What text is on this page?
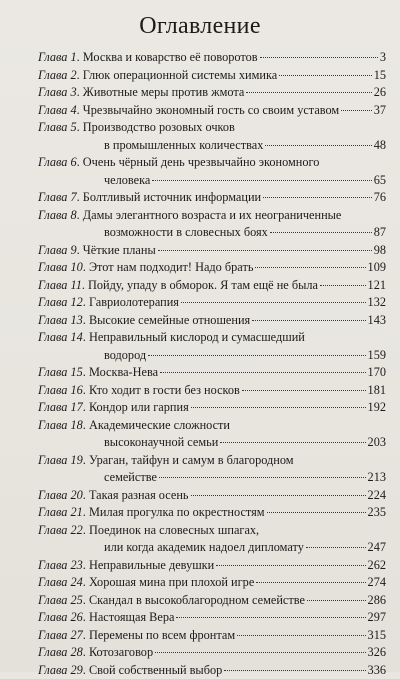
Оглавление
Глава 1 . Москва и коварство её поворотов	3
Глава 2 . Глюк операционной системы химика	15
Глава 3 . Животные меры против жмота	26
Глава 4 . Чрезвычайно экономный гость со своим уставом	37
Глава 5 . Производство розовых очков
в промышленных количествах	48
Глава 6 . Очень чёрный день чрезвычайно экономного
человека	65
Глава 7 . Болтливый источник информации	76
Глава 8 . Дамы элегантного возраста и их неограниченные
возможности в словесных боях	87
Глава 9 . Чёткие планы	98
Глава 10 . Этот нам подходит! Надо брать	109
Глава 11 . Пойду, упаду в обморок. Я там ещё не была	121
Глава 12 . Гавриолотерапия	132
Глава 13 . Высокие семейные отношения	143
Глава 14 . Неправильный кислород и сумасшедший
водород	159
Глава 15 . Москва-Нева	170
Глава 16 . Кто ходит в гости без носков	181
Глава 17 . Кондор или гарпия	192
Глава 18 . Академические сложности
высоконаучной семьи	203
Глава 19 . Ураган, тайфун и самум в благородном
семействе	213
Глава 20 . Такая разная осень	224
Глава 21 . Милая прогулка по окрестностям	235
Глава 22 . Поединок на словесных шпагах,
или когда академик надоел дипломату	247
Глава 23 . Неправильные девушки	262
Глава 24 . Хорошая мина при плохой игре	274
Глава 25 . Скандал в высокоблагородном семействе	286
Глава 26 . Настоящая Вера	297
Глава 27 . Перемены по всем фронтам	315
Глава 28 . Котозаговор	326
Глава 29 . Свой собственный выбор	336
